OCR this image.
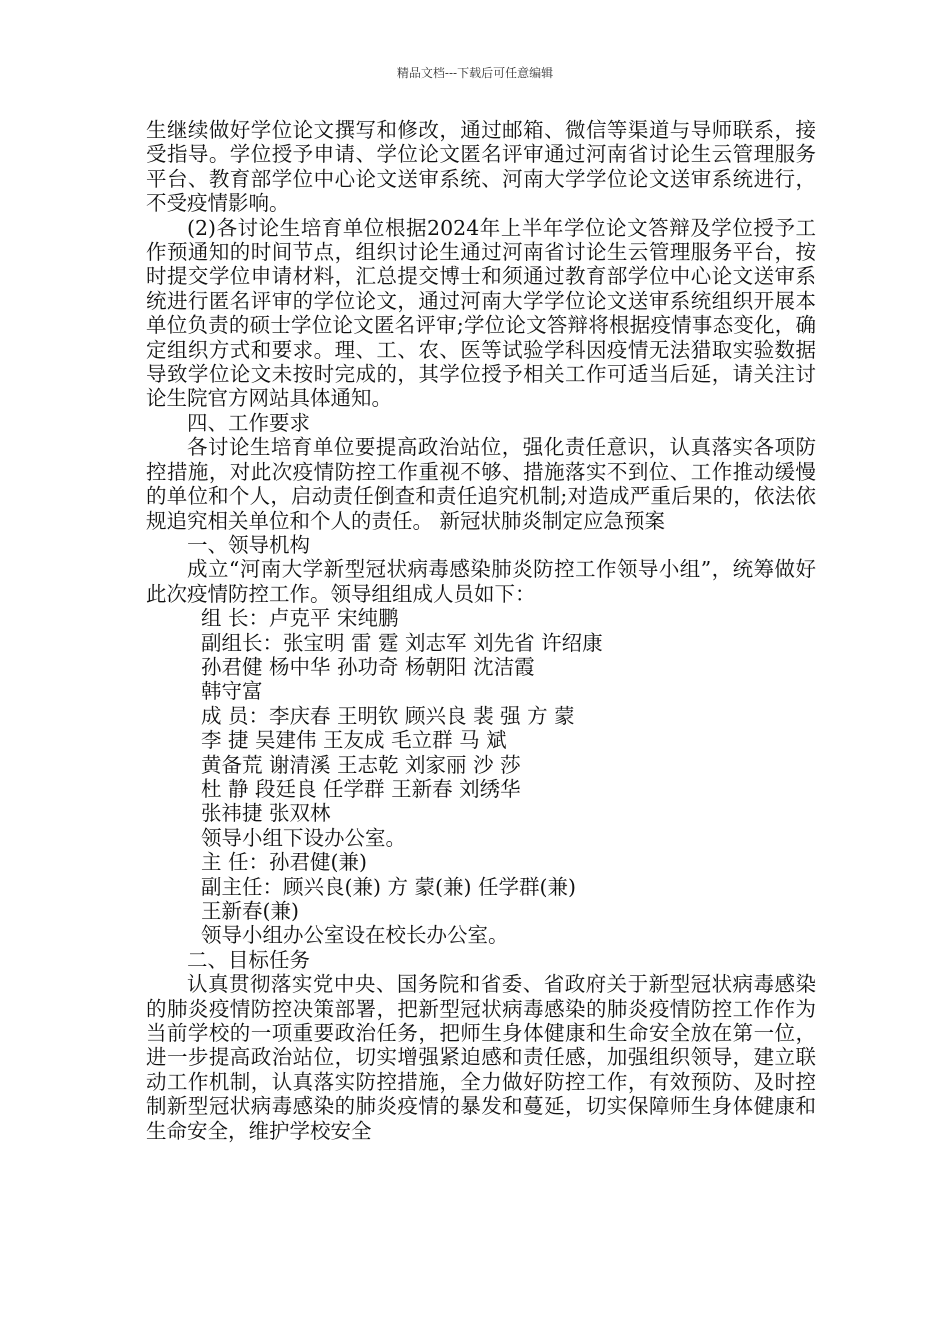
精品文档---下载后可任意编辑

生继续做好学位论文撰写和修改，通过邮箱、微信等渠道与导师联系，接受指导。学位授予申请、学位论文匿名评审通过河南省讨论生云管理服务平台、教育部学位中心论文送审系统、河南大学学位论文送审系统进行，不受疫情影响。

(2)各讨论生培育单位根据2024年上半年学位论文答辩及学位授予工作预通知的时间节点，组织讨论生通过河南省讨论生云管理服务平台，按时提交学位申请材料，汇总提交博士和须通过教育部学位中心论文送审系统进行匿名评审的学位论文，通过河南大学学位论文送审系统组织开展本单位负责的硕士学位论文匿名评审;学位论文答辩将根据疫情事态变化，确定组织方式和要求。理、工、农、医等试验学科因疫情无法猎取实验数据导致学位论文未按时完成的，其学位授予相关工作可适当后延，请关注讨论生院官方网站具体通知。

四、工作要求

各讨论生培育单位要提高政治站位，强化责任意识，认真落实各项防控措施，对此次疫情防控工作重视不够、措施落实不到位、工作推动缓慢的单位和个人，启动责任倒查和责任追究机制;对造成严重后果的，依法依规追究相关单位和个人的责任。 新冠状肺炎制定应急预案

一、领导机构

成立“河南大学新型冠状病毒感染肺炎防控工作领导小组”，统筹做好此次疫情防控工作。领导组组成人员如下：

组 长：卢克平 宋纯鹏

副组长：张宝明 雷 霆 刘志军 刘先省 许绍康

孙君健 杨中华 孙功奇 杨朝阳 沈洁霞

韩守富

成 员：李庆春 王明钦 顾兴良 裴 强 方 蒙

李 捷 吴建伟 王友成 毛立群 马 斌

黄备荒 谢清溪 王志乾 刘家丽 沙 莎

杜 静 段廷良 任学群 王新春 刘绣华

张祎捷 张双林

领导小组下设办公室。

主 任：孙君健(兼)

副主任：顾兴良(兼) 方 蒙(兼) 任学群(兼)

王新春(兼)

领导小组办公室设在校长办公室。

二、目标任务

认真贯彻落实党中央、国务院和省委、省政府关于新型冠状病毒感染的肺炎疫情防控决策部署，把新型冠状病毒感染的肺炎疫情防控工作作为当前学校的一项重要政治任务，把师生身体健康和生命安全放在第一位，进一步提高政治站位，切实增强紧迫感和责任感，加强组织领导，建立联动工作机制，认真落实防控措施，全力做好防控工作，有效预防、及时控制新型冠状病毒感染的肺炎疫情的暴发和蔓延，切实保障师生身体健康和生命安全，维护学校安全
